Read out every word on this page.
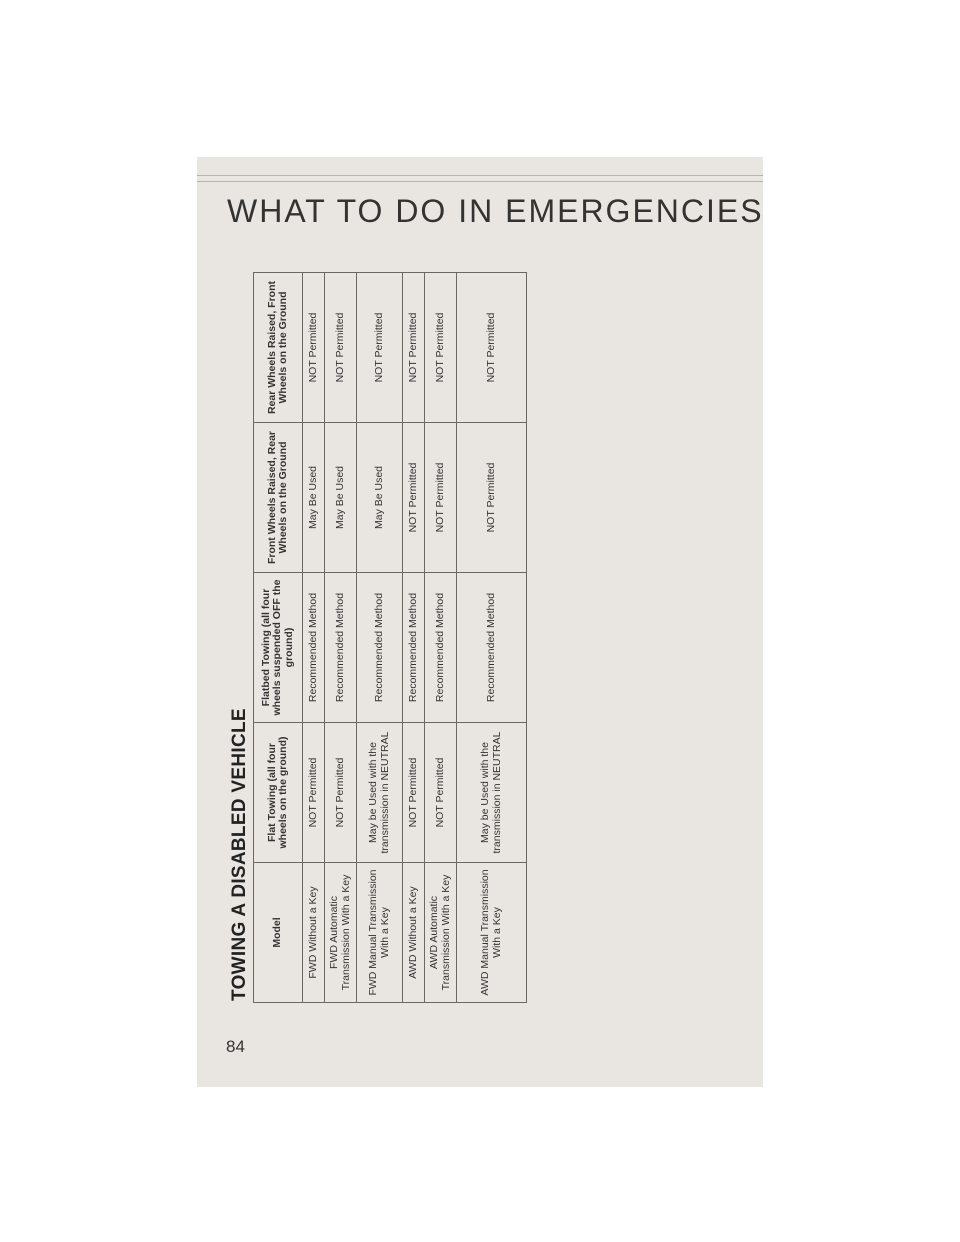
WHAT TO DO IN EMERGENCIES
TOWING A DISABLED VEHICLE Model	Flat Towing (all four wheels on the ground)	Flatbed Towing (all four wheels suspended OFF the ground)	Front Wheels Raised, Rear Wheels on the Ground	Rear Wheels Raised, Front Wheels on the Ground
FWD Without a Key	NOT Permitted	Recommended Method	May Be Used	NOT Permitted
FWD Automatic Transmission With a Key	NOT Permitted	Recommended Method	May Be Used	NOT Permitted
FWD Manual Transmission With a Key	May be Used with the transmission in NEUTRAL	Recommended Method	May Be Used	NOT Permitted
AWD Without a Key	NOT Permitted	Recommended Method	NOT Permitted	NOT Permitted
AWD Automatic Transmission With a Key	NOT Permitted	Recommended Method	NOT Permitted	NOT Permitted
AWD Manual Transmission With a Key	May be Used with the transmission in NEUTRAL	Recommended Method	NOT Permitted	NOT Permitted
84
